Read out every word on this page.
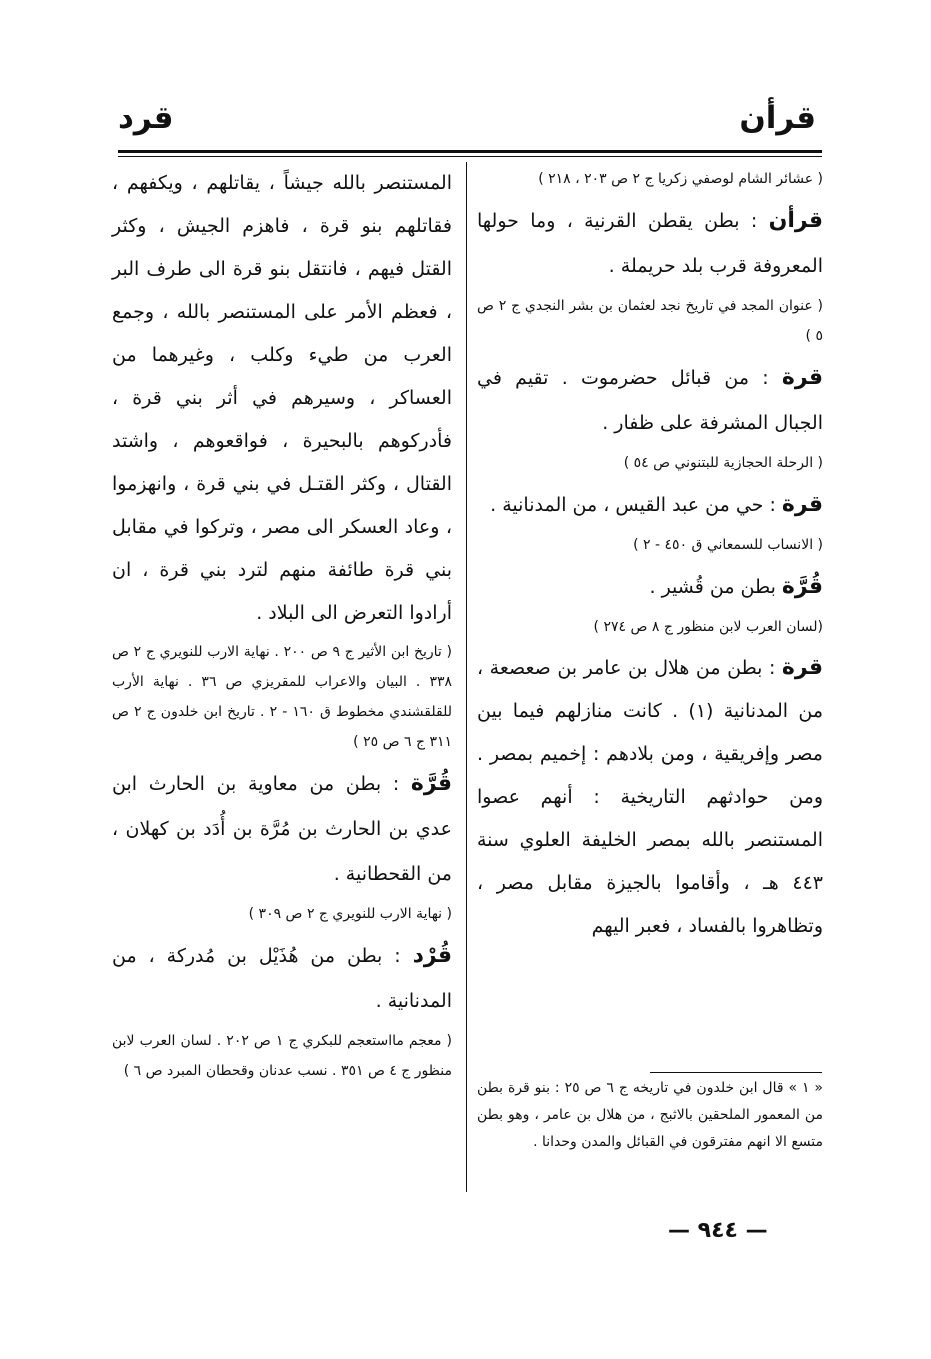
قرأن
قرد

( عشائر الشام لوصفي زكريا ج ٢ ص ٢٠٣ ، ٢١٨ )

قرأن : بطن يقطن القرنية ، وما حولها المعروفة قرب بلد حريملة .

( عنوان المجد في تاريخ نجد لعثمان بن بشر النجدي ج ٢ ص ٥ )

قرة : من قبائل حضرموت . تقيم في الجبال المشرفة على ظفار .

( الرحلة الحجازية للبتنوني ص ٥٤ )

قرة : حي من عبد القيس ، من المدنانية .

( الانساب للسمعاني ق ٤٥٠ - ٢ )

قُرَّة بطن من قُشير .

(لسان العرب لابن منظور ج ٨ ص ٢٧٤ )

قرة : بطن من هلال بن عامر بن صعصعة ، من المدنانية (١) . كانت منازلهم فيما بين مصر وإفريقية ، ومن بلادهم : إخميم بمصر . ومن حوادثهم التاريخية : أنهم عصوا المستنصر بالله بمصر الخليفة العلوي سنة ٤٤٣ هـ ، وأقاموا بالجيزة مقابل مصر ، وتظاهروا بالفساد ، فعبر اليهم

المستنصر بالله جيشاً ، يقاتلهم ، ويكفهم ، فقاتلهم بنو قرة ، فاهزم الجيش ، وكثر القتل فيهم ، فانتقل بنو قرة الى طرف البر ، فعظم الأمر على المستنصر بالله ، وجمع العرب من طيء وكلب ، وغيرهما من العساكر ، وسيرهم في أثر بني قرة ، فأدركوهم بالبحيرة ، فواقعوهم ، واشتد القتال ، وكثر القتـل في بني قرة ، وانهزموا ، وعاد العسكر الى مصر ، وتركوا في مقابل بني قرة طائفة منهم لترد بني قرة ، ان أرادوا التعرض الى البلاد .

( تاريخ ابن الأثير ج ٩ ص ٢٠٠ . نهاية الارب للنويري ج ٢ ص ٣٣٨ . البيان والاعراب للمقريزي ص ٣٦ . نهاية الأرب للقلقشندي مخطوط ق ١٦٠ - ٢ . تاريخ ابن خلدون ج ٢ ص ٣١١ ج ٦ ص ٢٥ )

قُرَّة : بطن من معاوية بن الحارث ابن عدي بن الحارث بن مُرَّة بن أُدَد بن كهلان ، من القحطانية .

( نهاية الارب للنويري ج ٢ ص ٣٠٩ )

قُرْد : بطن من هُذَيْل بن مُدركة ، من المدنانية .

( معجم مااستعجم للبكري ج ١ ص ٢٠٢ . لسان العرب لابن منظور ج ٤ ص ٣٥١ . نسب عدنان وقحطان المبرد ص ٦ )

« ١ » قال ابن خلدون في تاريخه ج ٦ ص ٢٥ : بنو قرة بطن من المعمور الملحقين بالاثبج ، من هلال بن عامر ، وهو بطن متسع الا انهم مفترقون في القبائل والمدن وحدانا .
— ٩٤٤ —
